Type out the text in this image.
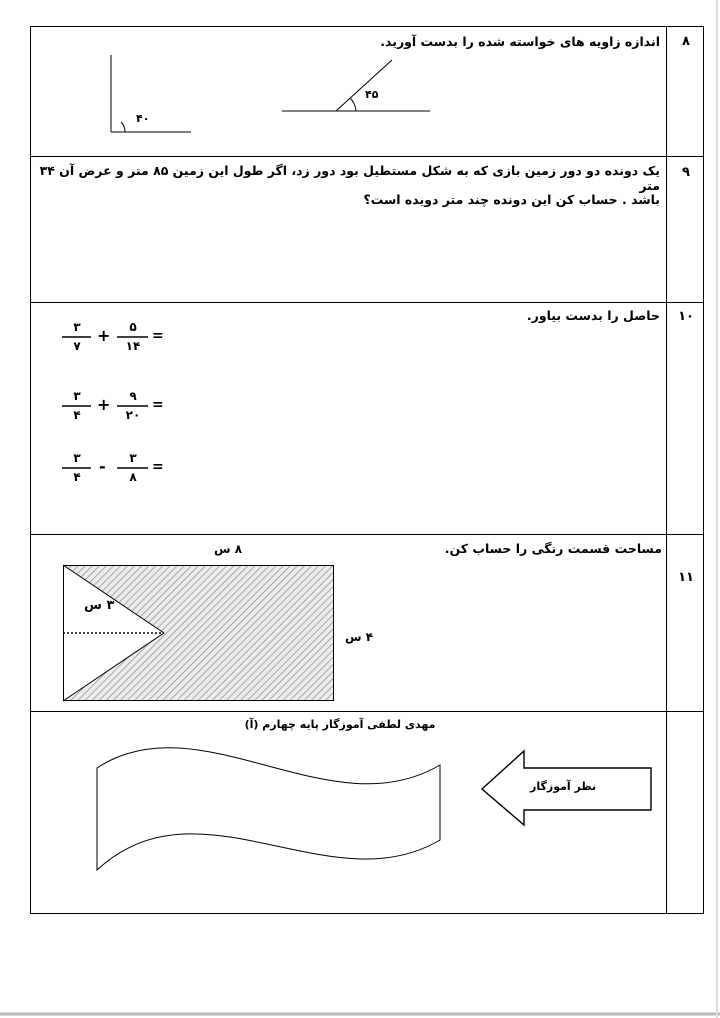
۸
اندازه زاویه های خواسته شده را بدست آورید.
۴۰
۴۵
۹
یک دونده دو دور زمین بازی که به شکل مستطیل بود دور زد، اگر طول این زمین ۸۵ متر و عرض آن ۳۴ متر
باشد . حساب کن این دونده چند متر دویده است؟
۱۰
حاصل را بدست بیاور.
۳
۷
+	۵
۱۴
=
۳
۴
+	۹
۲۰
=
۳
۴
-	۳
۸
=
۱۱
مساحت قسمت رنگی را حساب کن.
۸ س
۴ س
۳ س
مهدی لطفی آموزگار پایه چهارم (آ)
نظر آموزگار
